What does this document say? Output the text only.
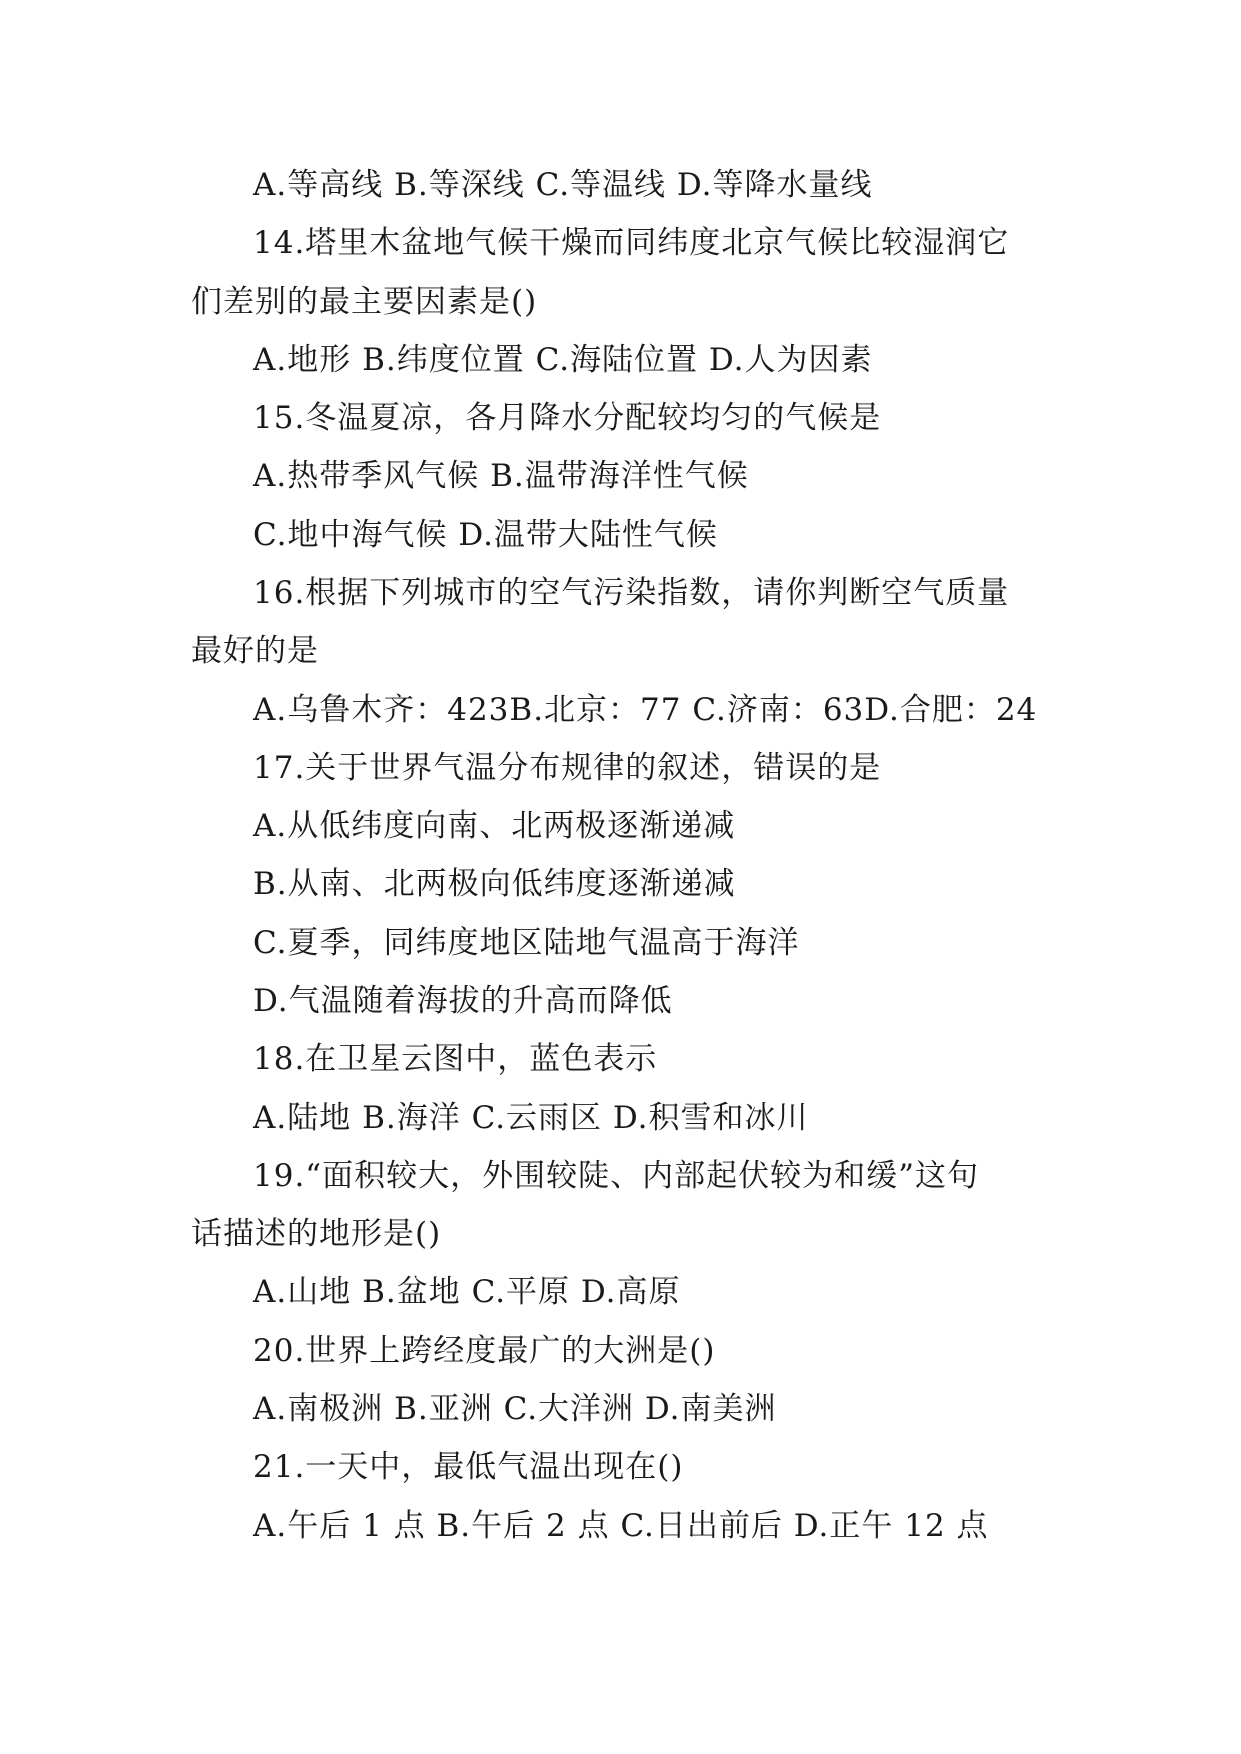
A.等高线 B.等深线 C.等温线 D.等降水量线
14.塔里木盆地气候干燥而同纬度北京气候比较湿润它
们差别的最主要因素是()
A.地形 B.纬度位置 C.海陆位置 D.人为因素
15.冬温夏凉，各月降水分配较均匀的气候是
A.热带季风气候 B.温带海洋性气候
C.地中海气候 D.温带大陆性气候
16.根据下列城市的空气污染指数，请你判断空气质量
最好的是
A.乌鲁木齐：423B.北京：77 C.济南：63D.合肥：24
17.关于世界气温分布规律的叙述，错误的是
A.从低纬度向南、北两极逐渐递减
B.从南、北两极向低纬度逐渐递减
C.夏季，同纬度地区陆地气温高于海洋
D.气温随着海拔的升高而降低
18.在卫星云图中，蓝色表示
A.陆地 B.海洋 C.云雨区 D.积雪和冰川
19.“面积较大，外围较陡、内部起伏较为和缓”这句
话描述的地形是()
A.山地 B.盆地 C.平原 D.高原
20.世界上跨经度最广的大洲是()
A.南极洲 B.亚洲 C.大洋洲 D.南美洲
21.一天中，最低气温出现在()
A.午后 1 点 B.午后 2 点 C.日出前后 D.正午 12 点
